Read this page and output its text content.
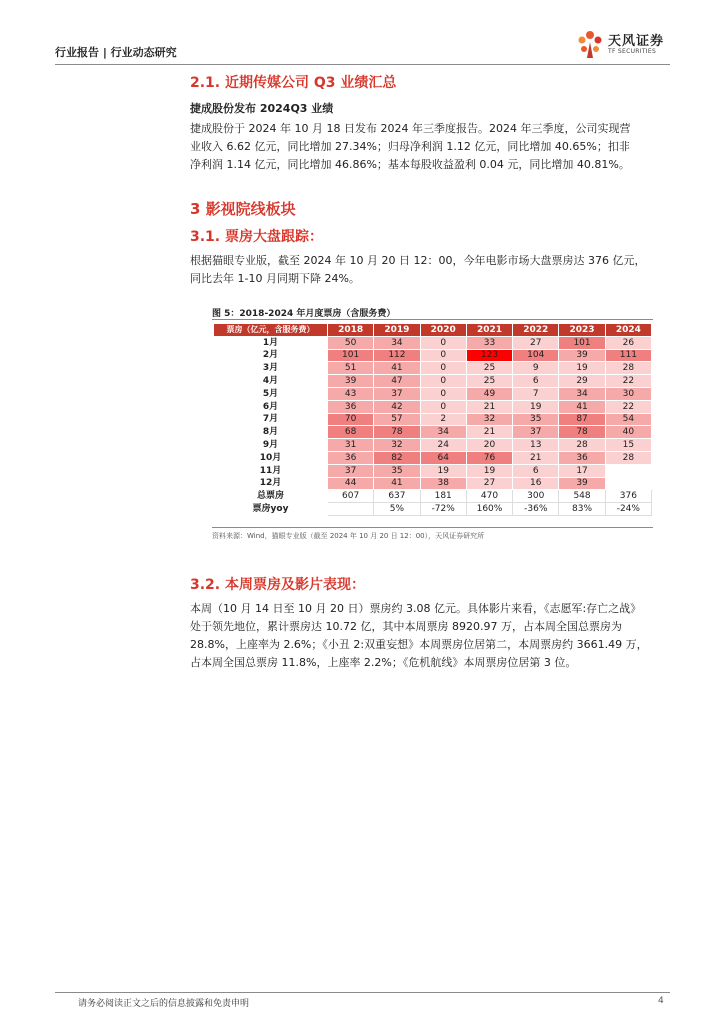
行业报告 | 行业动态研究
天风证券
TF SECURITIES
2.1. 近期传媒公司 Q3 业绩汇总
捷成股份发布 2024Q3 业绩
捷成股份于 2024 年 10 月 18 日发布 2024 年三季度报告。2024 年三季度，公司实现营
业收入 6.62 亿元，同比增加 27.34%；归母净利润 1.12 亿元，同比增加 40.65%；扣非
净利润 1.14 亿元，同比增加 46.86%；基本每股收益盈利 0.04 元，同比增加 40.81%。
3 影视院线板块
3.1. 票房大盘跟踪：
根据猫眼专业版，截至 2024 年 10 月 20 日 12：00，今年电影市场大盘票房达 376 亿元，
同比去年 1-10 月同期下降 24%。
图 5：2018-2024 年月度票房（含服务费）
票房（亿元，含服务费）	2018	2019	2020	2021	2022	2023	2024
1月	50	34	0	33	27	101	26
2月	101	112	0	123	104	39	111
3月	51	41	0	25	9	19	28
4月	39	47	0	25	6	29	22
5月	43	37	0	49	7	34	30
6月	36	42	0	21	19	41	22
7月	70	57	2	32	35	87	54
8月	68	78	34	21	37	78	40
9月	31	32	24	20	13	28	15
10月	36	82	64	76	21	36	28
11月	37	35	19	19	6	17	
12月	44	41	38	27	16	39	
总票房	607	637	181	470	300	548	376
票房yoy		5%	-72%	160%	-36%	83%	-24%
资料来源：Wind，猫眼专业版（截至 2024 年 10 月 20 日 12：00），天风证券研究所
3.2. 本周票房及影片表现：
本周（10 月 14 日至 10 月 20 日）票房约 3.08 亿元。具体影片来看，《志愿军:存亡之战》
处于领先地位，累计票房达 10.72 亿，其中本周票房 8920.97 万，占本周全国总票房为
28.8%，上座率为 2.6%；《小丑 2:双重妄想》本周票房位居第二，本周票房约 3661.49 万，
占本周全国总票房 11.8%，上座率 2.2%；《危机航线》本周票房位居第 3 位。
请务必阅读正文之后的信息披露和免责申明	4
